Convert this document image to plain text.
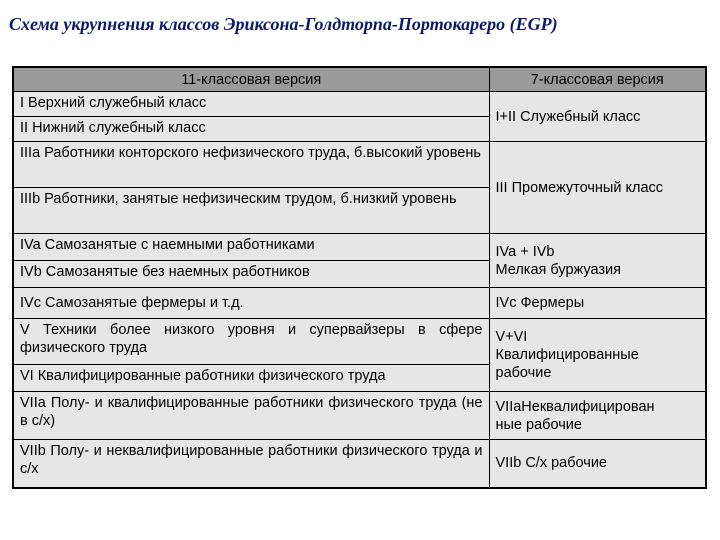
Схема укрупнения классов Эриксона-Голдторпа-Портокареро (EGP)
11-классовая версия	7-классовая версия
I Верхний служебный класс	I+II Служебный класс
II Нижний служебный класс	
IIIa Работники конторского нефизического труда, б.высокий уровень	III Промежуточный класс
IIIb Работники, занятые нефизическим трудом, б.низкий уровень	
IVa Самозанятые с наемными работниками	IVa + IVb
Мелкая буржуазия

IVb Самозанятые без наемных работников	
IVc Самозанятые фермеры и т.д.	IVc Фермеры
V Техники более низкого уровня и супервайзеры в сфере физического труда	V+VI
Квалифицированные
рабочие

VI Квалифицированные работники физического труда	
VIIa Полу- и квалифицированные работники физического труда (не в с/х)	VIIaНеквалифицирован
ные рабочие

VIIb Полу- и неквалифицированные работники физического труда и с/х	VIIb С/х рабочие
